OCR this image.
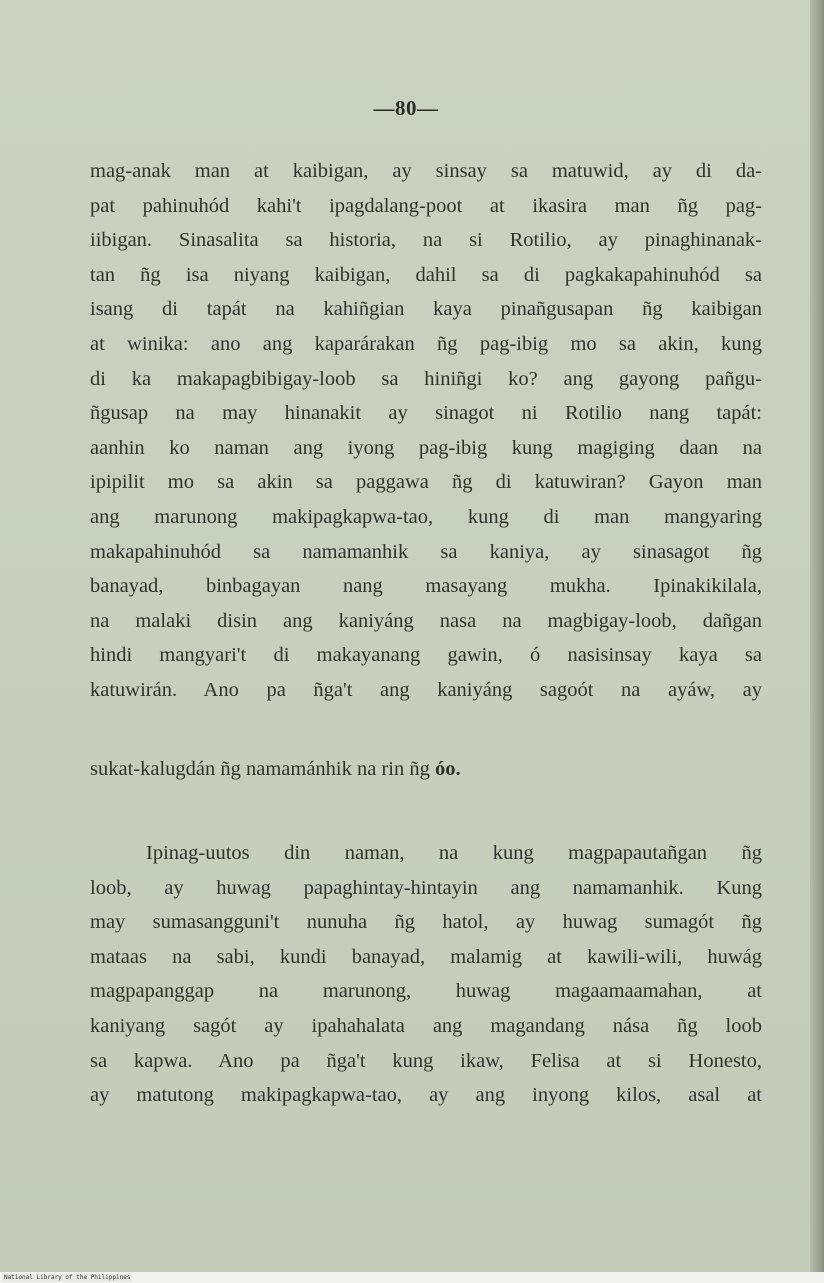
—80—
mag-anak man at kaibigan, ay sinsay sa matuwid, ay di da-
pat pahinuhód kahi't ipagdalang-poot at ikasira man ñg pag-
iibigan. Sinasalita sa historia, na si Rotilio, ay pinaghinanak-
tan ñg isa niyang kaibigan, dahil sa di pagkakapahinuhód sa
isang di tapát na kahiñgian kaya pinañgusapan ñg kaibigan
at winika: ano ang kaparárakan ñg pag-ibig mo sa akin, kung
di ka makapagbibigay-loob sa hiniñgi ko? ang gayong pañgu-
ñgusap na may hinanakit ay sinagot ni Rotilio nang tapát:
aanhin ko naman ang iyong pag-ibig kung magiging daan na
ipipilit mo sa akin sa paggawa ñg di katuwiran? Gayon man
ang marunong makipagkapwa-tao, kung di man mangyaring
makapahinuhód sa namamanhik sa kaniya, ay sinasagot ñg
banayad, binbagayan nang masayang mukha. Ipinakikilala,
na malaki disin ang kaniyáng nasa na magbigay-loob, dañgan
hindi mangyari't di makayanang gawin, ó nasisinsay kaya sa
katuwirán. Ano pa ñga't ang kaniyáng sagoót na ayáw, ay
sukat-kalugdán ñg namamánhik na rin ñg óo.
Ipinag-uutos din naman, na kung magpapautañgan ñg
loob, ay huwag papaghintay-hintayin ang namamanhik. Kung
may sumasangguni't nunuha ñg hatol, ay huwag sumagót ñg
mataas na sabi, kundi banayad, malamig at kawili-wili, huwág
magpapanggap na marunong, huwag magaamaamahan, at
kaniyang sagót ay ipahahalata ang magandang nása ñg loob
sa kapwa. Ano pa ñga't kung ikaw, Felisa at si Honesto,
ay matutong makipagkapwa-tao, ay ang inyong kilos, asal at
National Library of the Philippines
